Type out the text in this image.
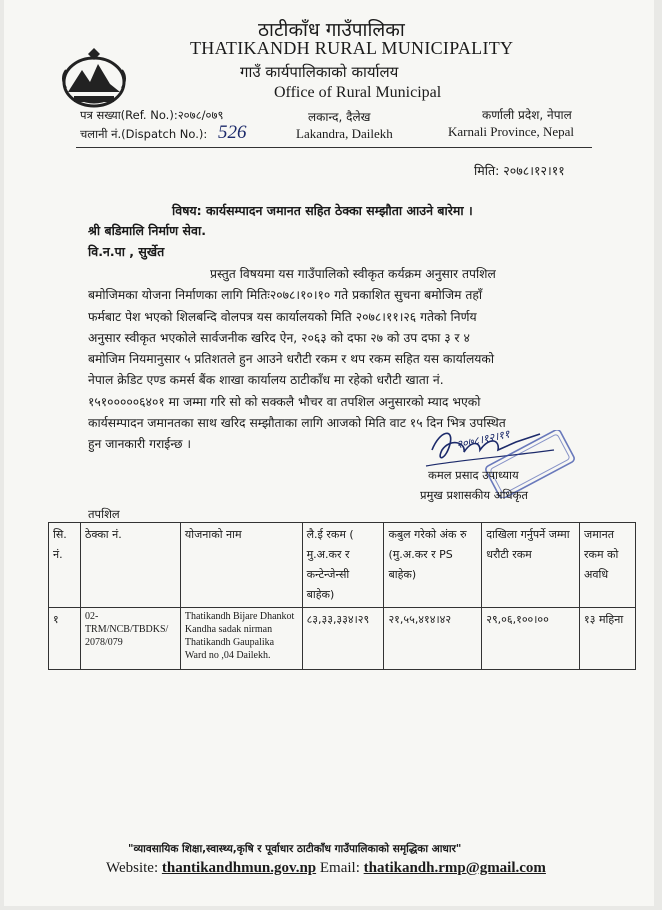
ठाटीकाँध गाउँपालिका
THATIKANDH RURAL MUNICIPALITY
गाउँ कार्यपालिकाको कार्यालय
Office of Rural Municipal
पत्र सख्या(Ref. No.):२०७८/०७९
चलानी नं.(Dispatch No.): 526
लकान्द, दैलेख
Lakandra, Dailekh
कर्णाली प्रदेश, नेपाल
Karnali Province, Nepal
मिति: २०७८।१२।११
विषय: कार्यसम्पादन जमानत सहित ठेक्का सम्झौता आउने बारेमा ।
श्री बडिमालि निर्माण सेवा.
वि.न.पा , सुर्खेत
प्रस्तुत विषयमा यस गाउँपालिको स्वीकृत कर्यक्रम अनुसार तपशिल
बमोजिमका योजना निर्माणका लागि मितिः२०७८।१०।१० गते प्रकाशित सुचना बमोजिम तहाँ
फर्मबाट पेश भएको शिलबन्दि वोलपत्र यस कार्यालयको मिति २०७८।११।२६ गतेको निर्णय
अनुसार स्वीकृत भएकोले सार्वजनीक खरिद ऐन, २०६३ को दफा २७ को उप दफा ३ र ४
बमोजिम नियमानुसार ५ प्रतिशतले हुन आउने धरौटी रकम र थप रकम सहित यस कार्यालयको
नेपाल क्रेडिट एण्ड कमर्स बैंक शाखा कार्यालय ठाटीकाँध मा रहेको धरौटी खाता नं.
१५१०००००६४०१ मा जम्मा गरि सो को सक्कलै भौचर वा तपशिल अनुसारको म्याद भएको
कार्यसम्पादन जमानतका साथ खरिद सम्झौताका लागि आजको मिति वाट १५ दिन भित्र उपस्थित
हुन जानकारी गराईन्छ ।	२०७८।१२।११
कमल प्रसाद उपाध्याय
प्रमुख प्रशासकीय अधिकृत
तपशिल
सि. नं.	ठेक्का नं.	योजनाको नाम	लै.ई रकम ( मु.अ.कर र कन्टेन्जेन्सी बाहेक)	कबुल गरेको अंक रु (मु.अ.कर र PS बाहेक)	दाखिला गर्नुपर्ने जम्मा धरौटी रकम	जमानत रकम को अवधि
१	02-TRM/NCB/TBDKS/ 2078/079	Thatikandh Bijare Dhankot Kandha sadak nirman Thatikandh Gaupalika Ward no ,04 Dailekh.	८३,३३,३३४।२९	२१,५५,४१४।४२	२९,०६,१००।००	१३ महिना
"व्यावसायिक शिक्षा,स्वास्थ्य,कृषि र पूर्वाधार ठाटीकाँध गाउँपालिकाको समृद्धिका आधार"
Website: thantikandhmun.gov.np Email: thatikandh.rmp@gmail.com
